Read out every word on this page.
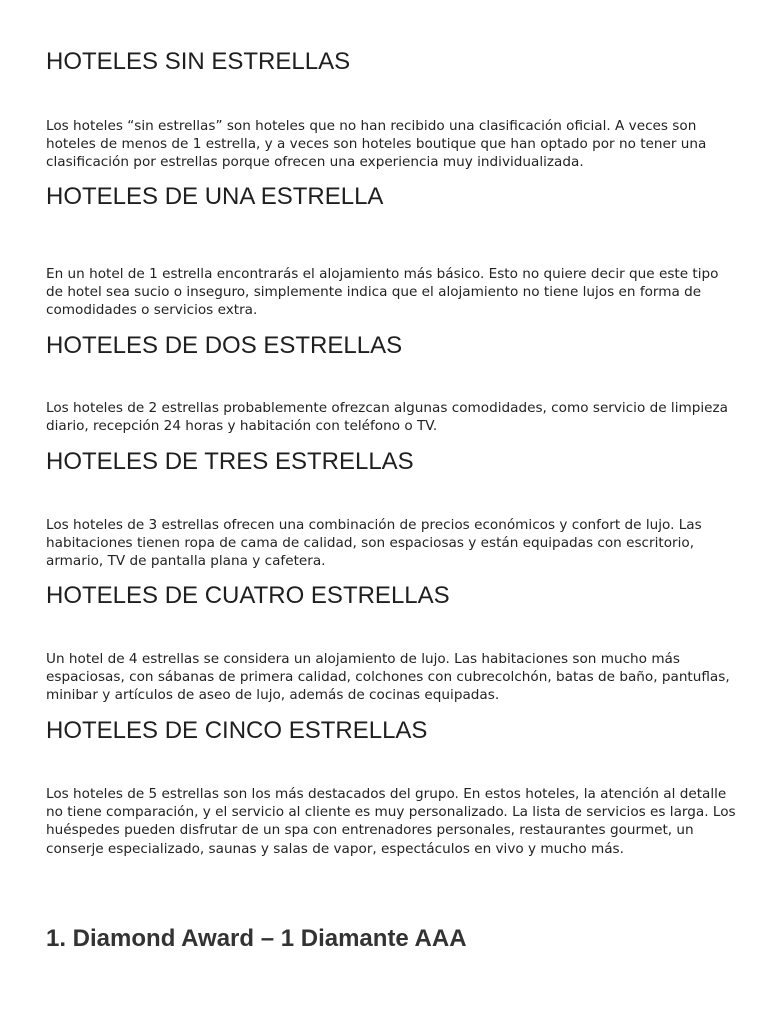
HOTELES SIN ESTRELLAS

Los hoteles “sin estrellas” son hoteles que no han recibido una clasificación oficial. A veces son hoteles de menos de 1 estrella, y a veces son hoteles boutique que han optado por no tener una clasificación por estrellas porque ofrecen una experiencia muy individualizada.

HOTELES DE UNA ESTRELLA

En un hotel de 1 estrella encontrarás el alojamiento más básico. Esto no quiere decir que este tipo de hotel sea sucio o inseguro, simplemente indica que el alojamiento no tiene lujos en forma de comodidades o servicios extra.

HOTELES DE DOS ESTRELLAS

Los hoteles de 2 estrellas probablemente ofrezcan algunas comodidades, como servicio de limpieza diario, recepción 24 horas y habitación con teléfono o TV.

HOTELES DE TRES ESTRELLAS

Los hoteles de 3 estrellas ofrecen una combinación de precios económicos y confort de lujo. Las habitaciones tienen ropa de cama de calidad, son espaciosas y están equipadas con escritorio, armario, TV de pantalla plana y cafetera.

HOTELES DE CUATRO ESTRELLAS

Un hotel de 4 estrellas se considera un alojamiento de lujo. Las habitaciones son mucho más espaciosas, con sábanas de primera calidad, colchones con cubrecolchón, batas de baño, pantuflas, minibar y artículos de aseo de lujo, además de cocinas equipadas.

HOTELES DE CINCO ESTRELLAS

Los hoteles de 5 estrellas son los más destacados del grupo. En estos hoteles, la atención al detalle no tiene comparación, y el servicio al cliente es muy personalizado. La lista de servicios es larga. Los huéspedes pueden disfrutar de un spa con entrenadores personales, restaurantes gourmet, un conserje especializado, saunas y salas de vapor, espectáculos en vivo y mucho más.

1. Diamond Award – 1 Diamante AAA
